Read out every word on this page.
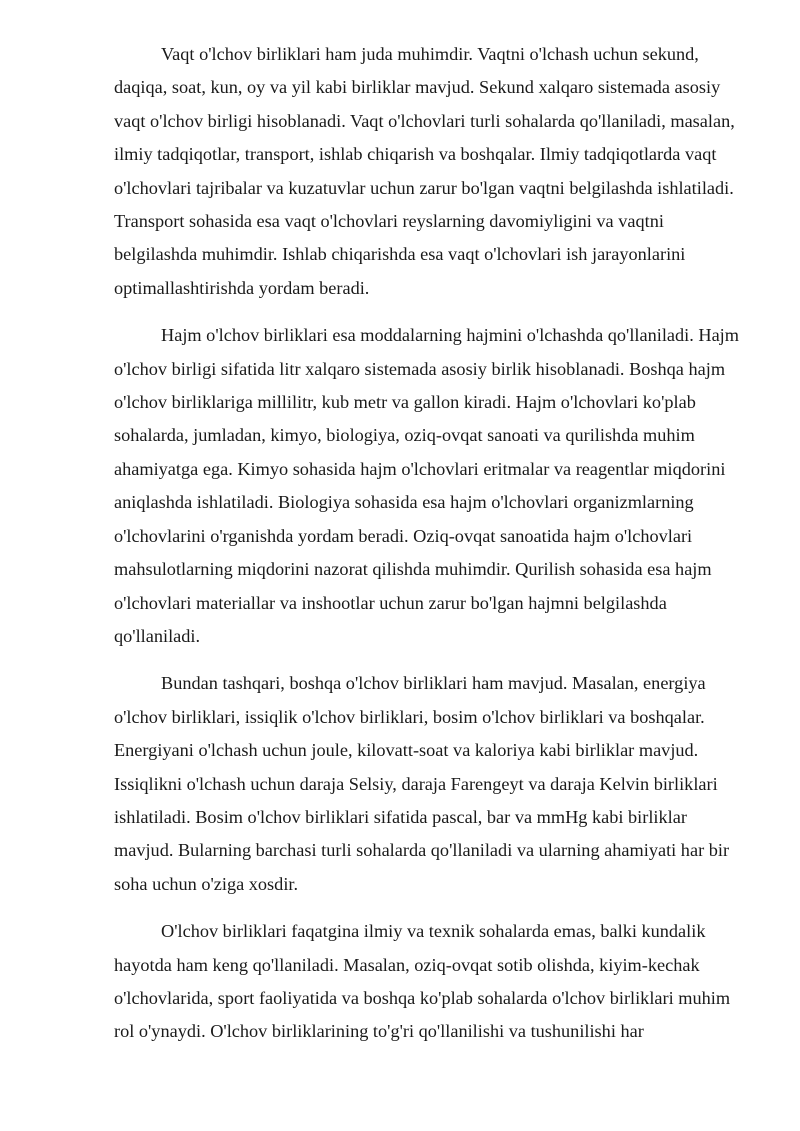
Vaqt o'lchov birliklari ham juda muhimdir. Vaqtni o'lchash uchun sekund, daqiqa, soat, kun, oy va yil kabi birliklar mavjud. Sekund xalqaro sistemada asosiy vaqt o'lchov birligi hisoblanadi. Vaqt o'lchovlari turli sohalarda qo'llaniladi, masalan, ilmiy tadqiqotlar, transport, ishlab chiqarish va boshqalar. Ilmiy tadqiqotlarda vaqt o'lchovlari tajribalar va kuzatuvlar uchun zarur bo'lgan vaqtni belgilashda ishlatiladi. Transport sohasida esa vaqt o'lchovlari reyslarning davomiyligini va vaqtni belgilashda muhimdir. Ishlab chiqarishda esa vaqt o'lchovlari ish jarayonlarini optimallashtirishda yordam beradi.

Hajm o'lchov birliklari esa moddalarning hajmini o'lchashda qo'llaniladi. Hajm o'lchov birligi sifatida litr xalqaro sistemada asosiy birlik hisoblanadi. Boshqa hajm o'lchov birliklariga millilitr, kub metr va gallon kiradi. Hajm o'lchovlari ko'plab sohalarda, jumladan, kimyo, biologiya, oziq-ovqat sanoati va qurilishda muhim ahamiyatga ega. Kimyo sohasida hajm o'lchovlari eritmalar va reagentlar miqdorini aniqlashda ishlatiladi. Biologiya sohasida esa hajm o'lchovlari organizmlarning o'lchovlarini o'rganishda yordam beradi. Oziq-ovqat sanoatida hajm o'lchovlari mahsulotlarning miqdorini nazorat qilishda muhimdir. Qurilish sohasida esa hajm o'lchovlari materiallar va inshootlar uchun zarur bo'lgan hajmni belgilashda qo'llaniladi.

Bundan tashqari, boshqa o'lchov birliklari ham mavjud. Masalan, energiya o'lchov birliklari, issiqlik o'lchov birliklari, bosim o'lchov birliklari va boshqalar. Energiyani o'lchash uchun joule, kilovatt-soat va kaloriya kabi birliklar mavjud. Issiqlikni o'lchash uchun daraja Selsiy, daraja Farengeyt va daraja Kelvin birliklari ishlatiladi. Bosim o'lchov birliklari sifatida pascal, bar va mmHg kabi birliklar mavjud. Bularning barchasi turli sohalarda qo'llaniladi va ularning ahamiyati har bir soha uchun o'ziga xosdir.

O'lchov birliklari faqatgina ilmiy va texnik sohalarda emas, balki kundalik hayotda ham keng qo'llaniladi. Masalan, oziq-ovqat sotib olishda, kiyim-kechak o'lchovlarida, sport faoliyatida va boshqa ko'plab sohalarda o'lchov birliklari muhim rol o'ynaydi. O'lchov birliklarining to'g'ri qo'llanilishi va tushunilishi har
